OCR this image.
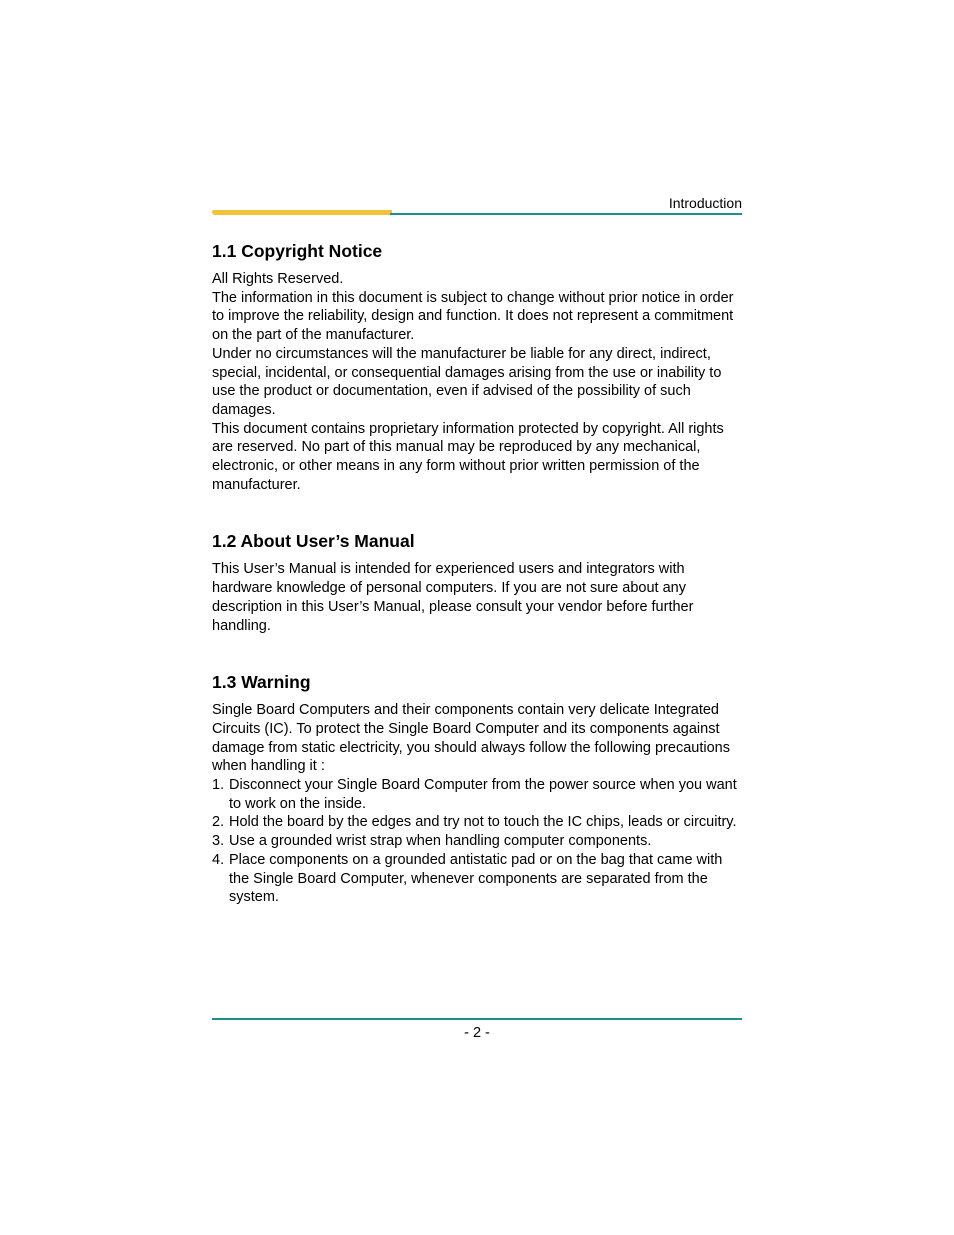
Introduction
1.1 Copyright Notice

All Rights Reserved.

The information in this document is subject to change without prior notice in order to improve the reliability, design and function. It does not represent a commitment on the part of the manufacturer.

Under no circumstances will the manufacturer be liable for any direct, indirect, special, incidental, or consequential damages arising from the use or inability to use the product or documentation, even if advised of the possibility of such damages.

This document contains proprietary information protected by copyright. All rights are reserved. No part of this manual may be reproduced by any mechanical, electronic, or other means in any form without prior written permission of the manufacturer.

1.2 About User’s Manual

This User’s Manual is intended for experienced users and integrators with hardware knowledge of personal computers. If you are not sure about any description in this User’s Manual, please consult your vendor before further handling.

1.3 Warning

Single Board Computers and their components contain very delicate Integrated Circuits (IC). To protect the Single Board Computer and its components against damage from static electricity, you should always follow the following precautions when handling it :

1. Disconnect your Single Board Computer from the power source when you want to work on the inside.
2. Hold the board by the edges and try not to touch the IC chips, leads or circuitry.
3. Use a grounded wrist strap when handling computer components.
4. Place components on a grounded antistatic pad or on the bag that came with the Single Board Computer, whenever components are separated from the system.
- 2 -
